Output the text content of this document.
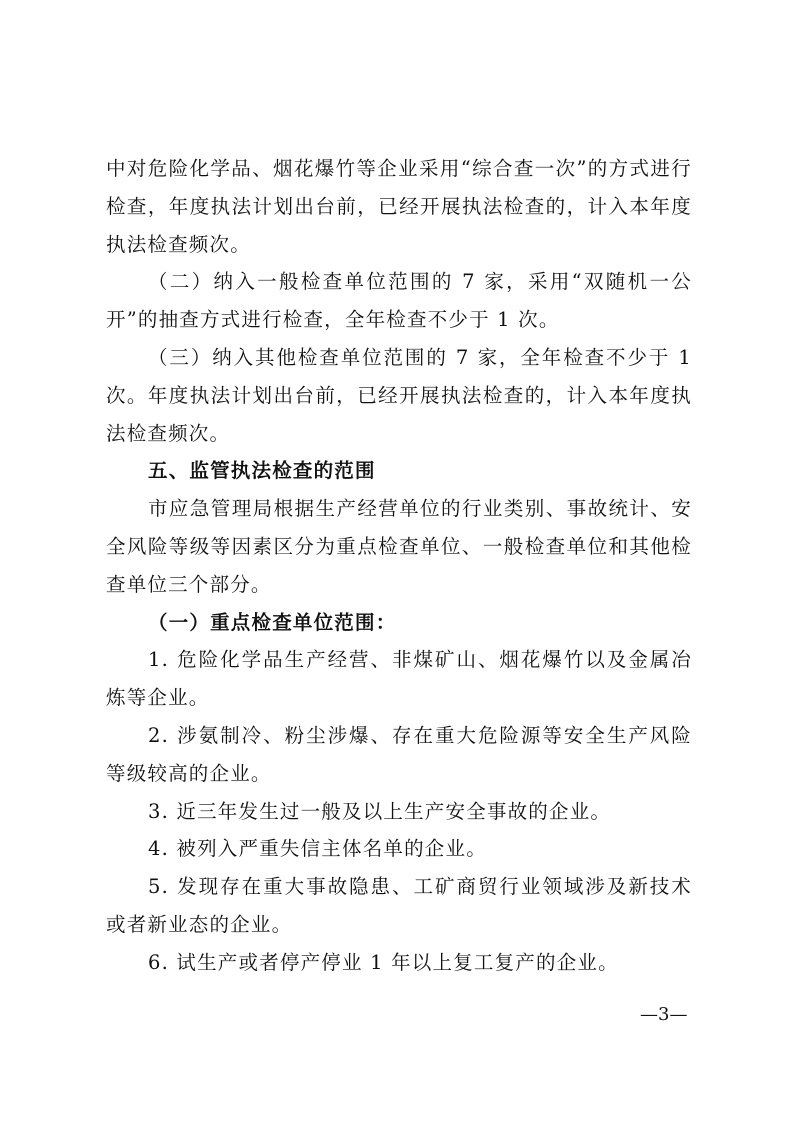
中对危险化学品、烟花爆竹等企业采用“综合查一次”的方式进行检查，年度执法计划出台前，已经开展执法检查的，计入本年度执法检查频次。

（二）纳入一般检查单位范围的 7 家，采用“双随机一公开”的抽查方式进行检查，全年检查不少于 1 次。

（三）纳入其他检查单位范围的 7 家，全年检查不少于 1 次。年度执法计划出台前，已经开展执法检查的，计入本年度执法检查频次。

五、监管执法检查的范围

市应急管理局根据生产经营单位的行业类别、事故统计、安全风险等级等因素区分为重点检查单位、一般检查单位和其他检查单位三个部分。

（一）重点检查单位范围：

1. 危险化学品生产经营、非煤矿山、烟花爆竹以及金属冶炼等企业。

2. 涉氨制冷、粉尘涉爆、存在重大危险源等安全生产风险等级较高的企业。

3. 近三年发生过一般及以上生产安全事故的企业。

4. 被列入严重失信主体名单的企业。

5. 发现存在重大事故隐患、工矿商贸行业领域涉及新技术或者新业态的企业。

6. 试生产或者停产停业 1 年以上复工复产的企业。

—3—
